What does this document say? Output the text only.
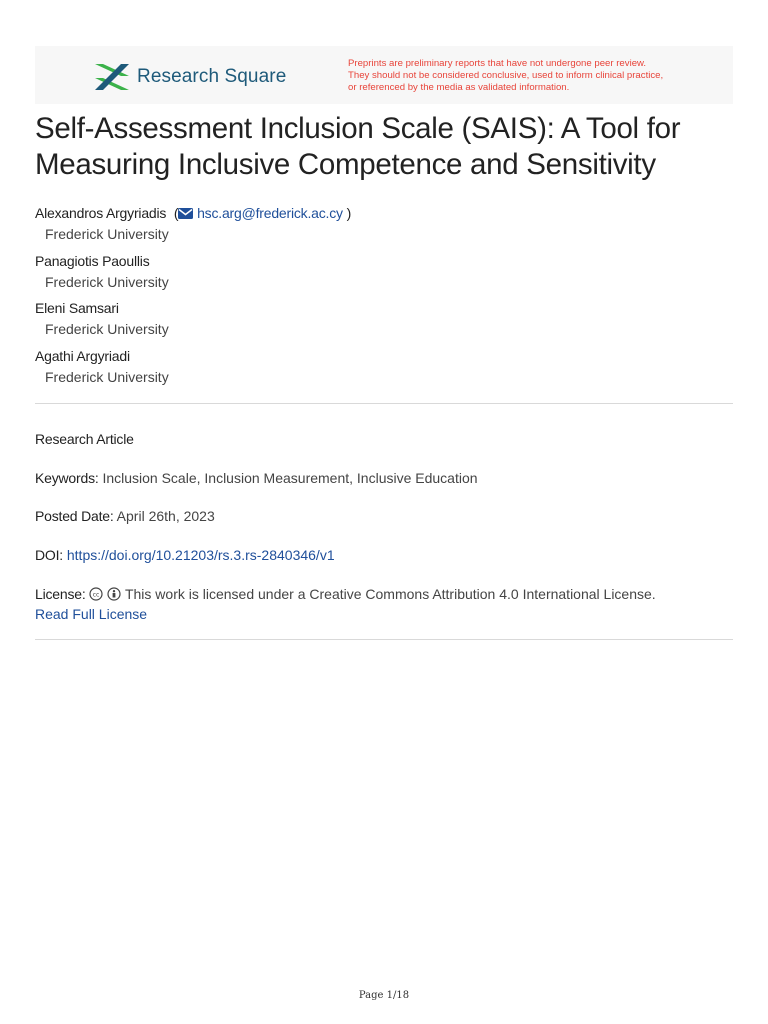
Research Square
Preprints are preliminary reports that have not undergone peer review.
They should not be considered conclusive, used to inform clinical practice,
or referenced by the media as validated information.
Self-Assessment Inclusion Scale (SAIS): A Tool for
Measuring Inclusive Competence and Sensitivity
Alexandros Argyriadis ( hsc.arg@frederick.ac.cy )
Frederick University
Panagiotis Paoullis
Frederick University
Eleni Samsari
Frederick University
Agathi Argyriadi
Frederick University
Research Article
Keywords: Inclusion Scale, Inclusion Measurement, Inclusive Education
Posted Date: April 26th, 2023
DOI: https://doi.org/10.21203/rs.3.rs-2840346/v1
License: cc This work is licensed under a Creative Commons Attribution 4.0 International License.
Read Full License
Page 1/18
